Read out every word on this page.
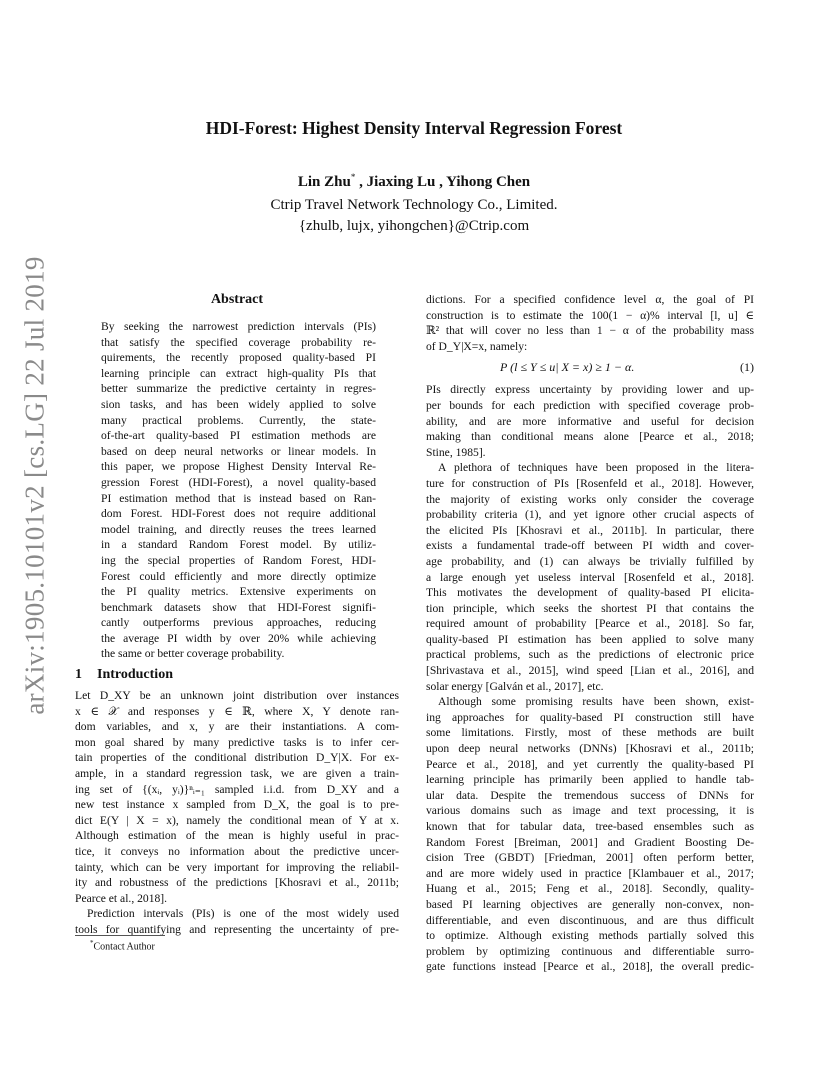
arXiv:1905.10101v2 [cs.LG] 22 Jul 2019
HDI-Forest: Highest Density Interval Regression Forest
Lin Zhu* , Jiaxing Lu , Yihong Chen
Ctrip Travel Network Technology Co., Limited.
{zhulb, lujx, yihongchen}@Ctrip.com
Abstract
By seeking the narrowest prediction intervals (PIs)
that satisfy the specified coverage probability re-
quirements, the recently proposed quality-based PI
learning principle can extract high-quality PIs that
better summarize the predictive certainty in regres-
sion tasks, and has been widely applied to solve
many practical problems. Currently, the state-
of-the-art quality-based PI estimation methods are
based on deep neural networks or linear models. In
this paper, we propose Highest Density Interval Re-
gression Forest (HDI-Forest), a novel quality-based
PI estimation method that is instead based on Ran-
dom Forest. HDI-Forest does not require additional
model training, and directly reuses the trees learned
in a standard Random Forest model. By utiliz-
ing the special properties of Random Forest, HDI-
Forest could efficiently and more directly optimize
the PI quality metrics. Extensive experiments on
benchmark datasets show that HDI-Forest signifi-
cantly outperforms previous approaches, reducing
the average PI width by over 20% while achieving
the same or better coverage probability.
1 Introduction
Let D_XY be an unknown joint distribution over instances
x ∈ 𝒳 and responses y ∈ ℝ, where X, Y denote ran-
dom variables, and x, y are their instantiations. A com-
mon goal shared by many predictive tasks is to infer cer-
tain properties of the conditional distribution D_Y|X. For ex-
ample, in a standard regression task, we are given a train-
ing set of {(xᵢ, yᵢ)}ⁿᵢ₌₁ sampled i.i.d. from D_XY and a
new test instance x sampled from D_X, the goal is to pre-
dict E(Y | X = x), namely the conditional mean of Y at x.
Although estimation of the mean is highly useful in prac-
tice, it conveys no information about the predictive uncer-
tainty, which can be very important for improving the reliabil-
ity and robustness of the predictions [Khosravi et al., 2011b;
Pearce et al., 2018].
Prediction intervals (PIs) is one of the most widely used
tools for quantifying and representing the uncertainty of pre-
dictions. For a specified confidence level α, the goal of PI
construction is to estimate the 100(1 − α)% interval [l, u] ∈
ℝ² that will cover no less than 1 − α of the probability mass
of D_Y|X=x, namely:
P (l ≤ Y ≤ u| X = x) ≥ 1 − α.	(1)
PIs directly express uncertainty by providing lower and up-
per bounds for each prediction with specified coverage prob-
ability, and are more informative and useful for decision
making than conditional means alone [Pearce et al., 2018;
Stine, 1985].
A plethora of techniques have been proposed in the litera-
ture for construction of PIs [Rosenfeld et al., 2018]. However,
the majority of existing works only consider the coverage
probability criteria (1), and yet ignore other crucial aspects of
the elicited PIs [Khosravi et al., 2011b]. In particular, there
exists a fundamental trade-off between PI width and cover-
age probability, and (1) can always be trivially fulfilled by
a large enough yet useless interval [Rosenfeld et al., 2018].
This motivates the development of quality-based PI elicita-
tion principle, which seeks the shortest PI that contains the
required amount of probability [Pearce et al., 2018]. So far,
quality-based PI estimation has been applied to solve many
practical problems, such as the predictions of electronic price
[Shrivastava et al., 2015], wind speed [Lian et al., 2016], and
solar energy [Galván et al., 2017], etc.
Although some promising results have been shown, exist-
ing approaches for quality-based PI construction still have
some limitations. Firstly, most of these methods are built
upon deep neural networks (DNNs) [Khosravi et al., 2011b;
Pearce et al., 2018], and yet currently the quality-based PI
learning principle has primarily been applied to handle tab-
ular data. Despite the tremendous success of DNNs for
various domains such as image and text processing, it is
known that for tabular data, tree-based ensembles such as
Random Forest [Breiman, 2001] and Gradient Boosting De-
cision Tree (GBDT) [Friedman, 2001] often perform better,
and are more widely used in practice [Klambauer et al., 2017;
Huang et al., 2015; Feng et al., 2018]. Secondly, quality-
based PI learning objectives are generally non-convex, non-
differentiable, and even discontinuous, and are thus difficult
to optimize. Although existing methods partially solved this
problem by optimizing continuous and differentiable surro-
gate functions instead [Pearce et al., 2018], the overall predic-
*Contact Author
